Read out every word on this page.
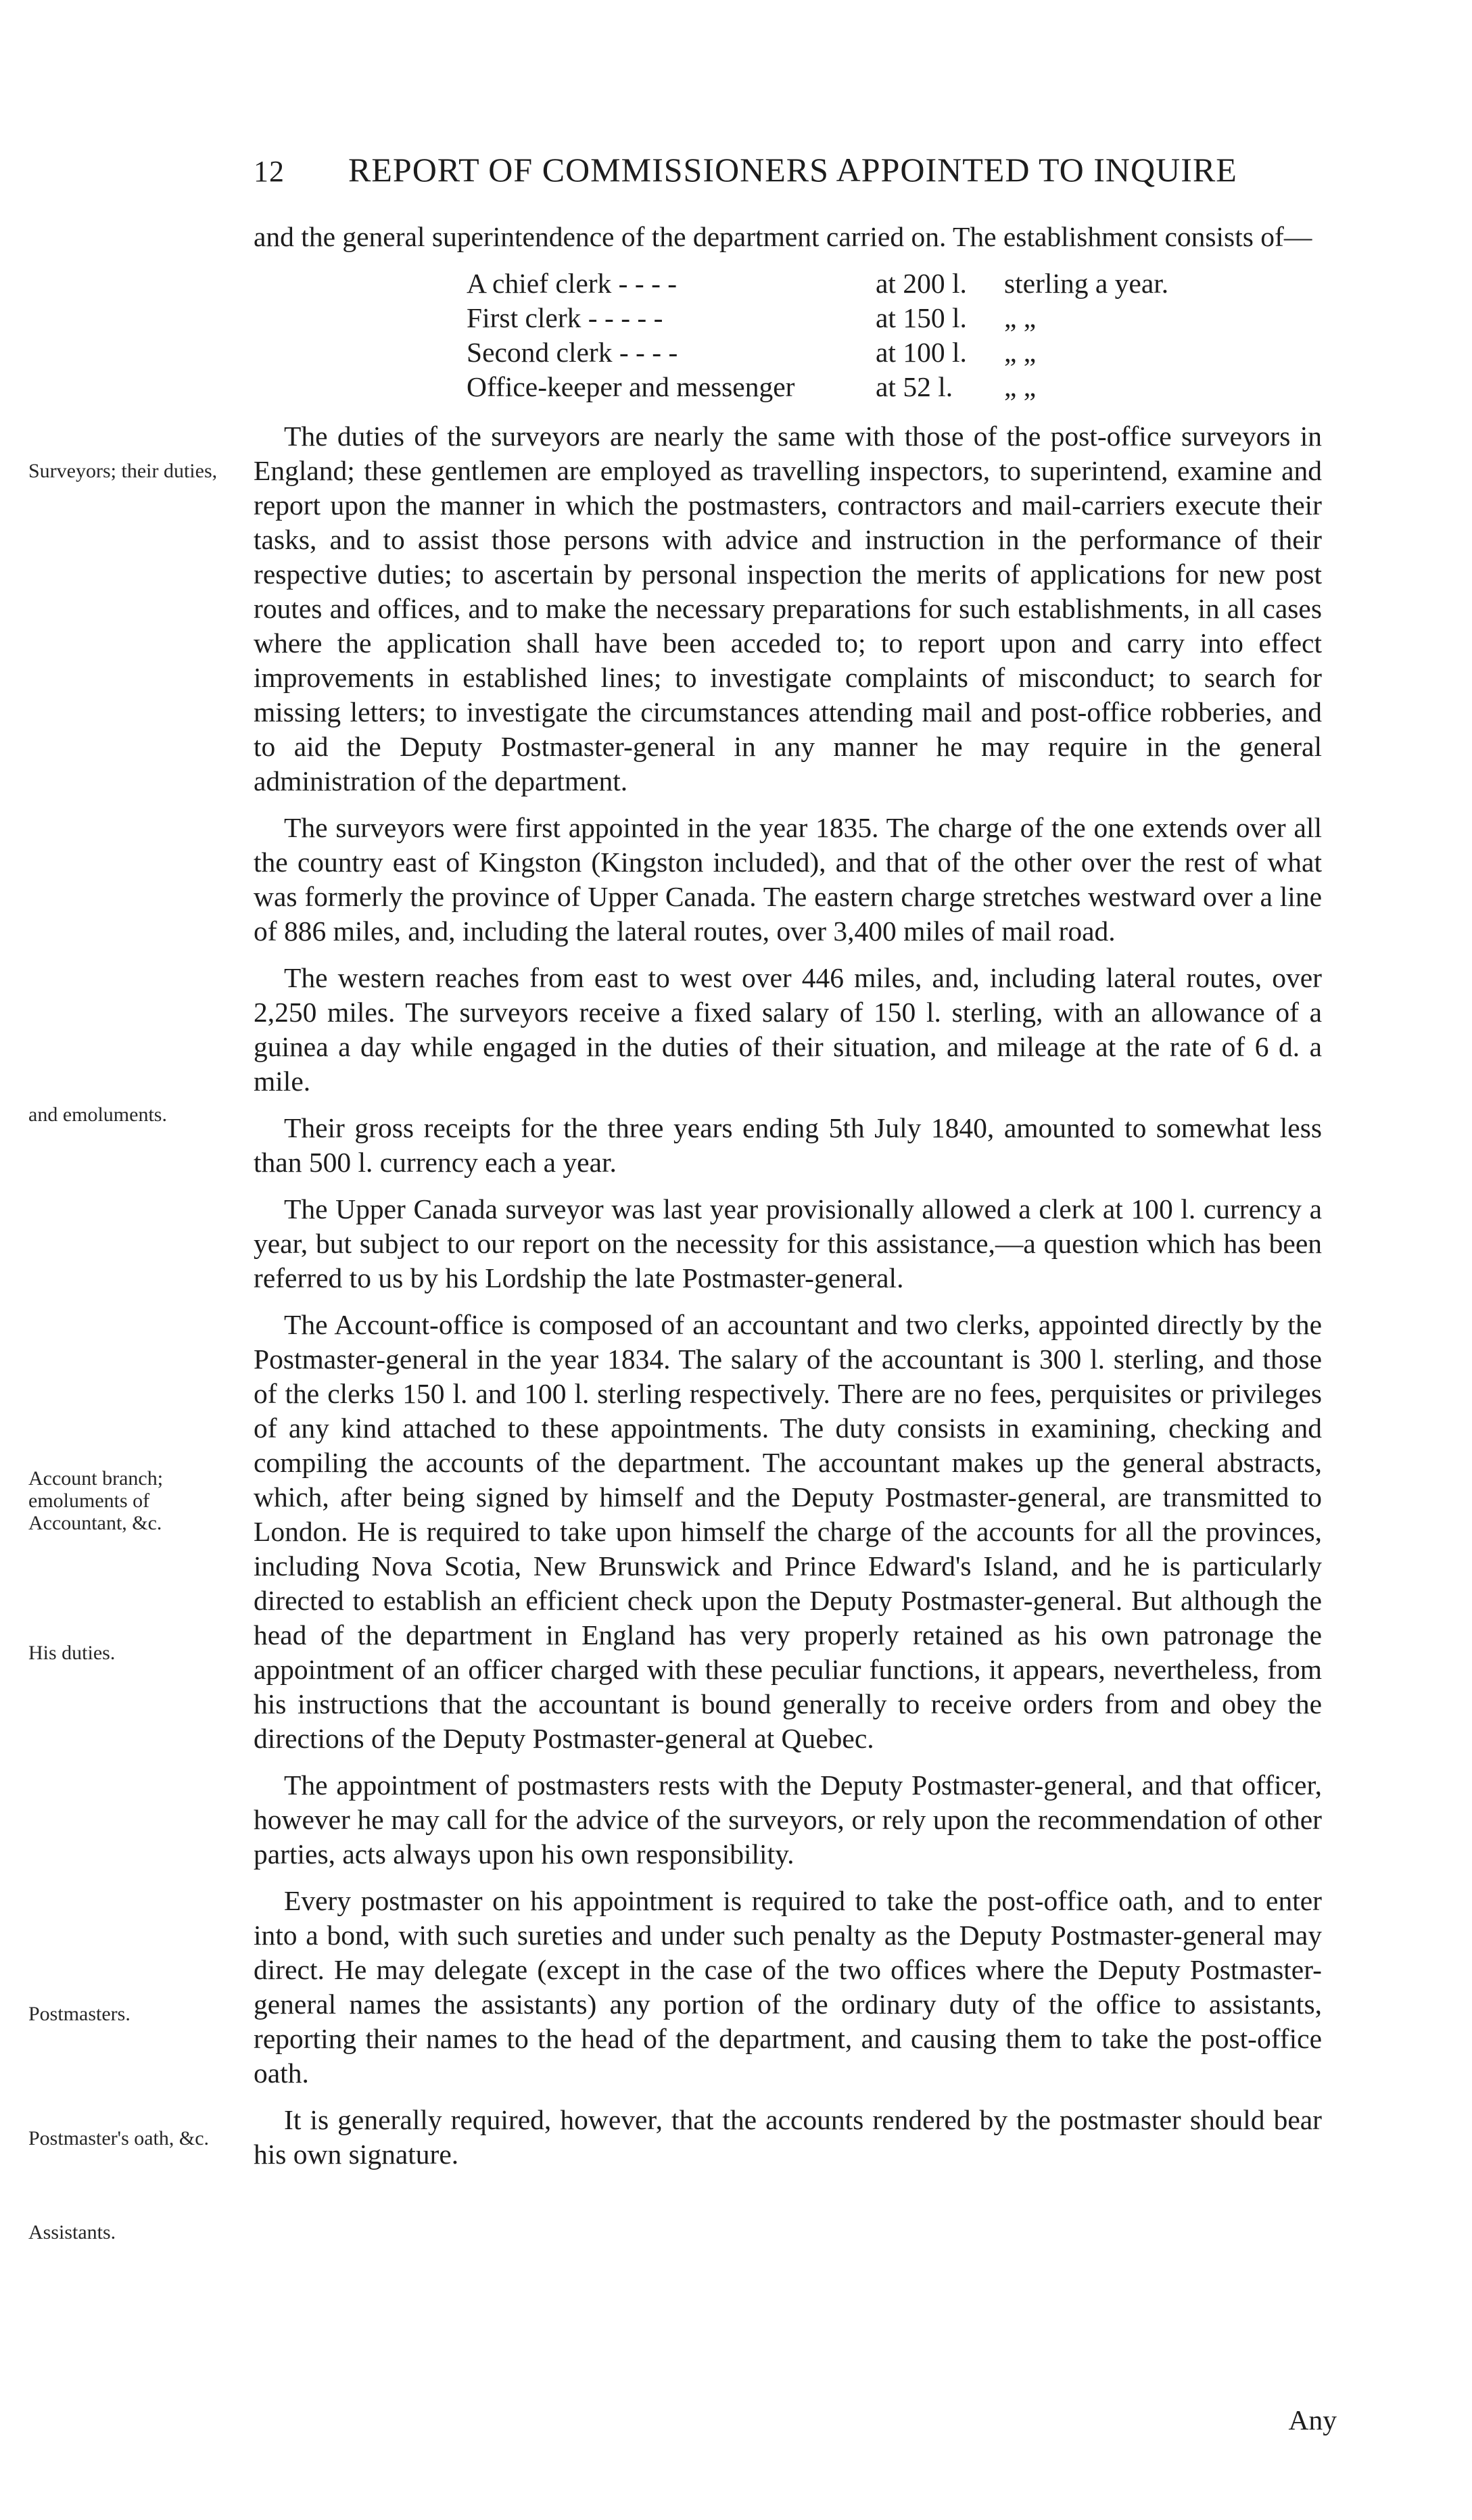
12 REPORT OF COMMISSIONERS APPOINTED TO INQUIRE

and the general superintendence of the department carried on. The establishment consists of—

A chief clerk - - - -	at 200 l.	sterling a year.
First clerk - - - - -	at 150 l.	„ „
Second clerk - - - -	at 100 l.	„ „
Office-keeper and messenger	at 52 l.	„ „

The duties of the surveyors are nearly the same with those of the post-office surveyors in England; these gentlemen are employed as travelling inspectors, to superintend, examine and report upon the manner in which the postmasters, contractors and mail-carriers execute their tasks, and to assist those persons with advice and instruction in the performance of their respective duties; to ascertain by personal inspection the merits of applications for new post routes and offices, and to make the necessary preparations for such establishments, in all cases where the application shall have been acceded to; to report upon and carry into effect improvements in established lines; to investigate complaints of misconduct; to search for missing letters; to investigate the circumstances attending mail and post-office robberies, and to aid the Deputy Postmaster-general in any manner he may require in the general administration of the department.

The surveyors were first appointed in the year 1835. The charge of the one extends over all the country east of Kingston (Kingston included), and that of the other over the rest of what was formerly the province of Upper Canada. The eastern charge stretches westward over a line of 886 miles, and, including the lateral routes, over 3,400 miles of mail road.

The western reaches from east to west over 446 miles, and, including lateral routes, over 2,250 miles. The surveyors receive a fixed salary of 150 l. sterling, with an allowance of a guinea a day while engaged in the duties of their situation, and mileage at the rate of 6 d. a mile.

Their gross receipts for the three years ending 5th July 1840, amounted to somewhat less than 500 l. currency each a year.

The Upper Canada surveyor was last year provisionally allowed a clerk at 100 l. currency a year, but subject to our report on the necessity for this assistance,—a question which has been referred to us by his Lordship the late Postmaster-general.

The Account-office is composed of an accountant and two clerks, appointed directly by the Postmaster-general in the year 1834. The salary of the accountant is 300 l. sterling, and those of the clerks 150 l. and 100 l. sterling respectively. There are no fees, perquisites or privileges of any kind attached to these appointments. The duty consists in examining, checking and compiling the accounts of the department. The accountant makes up the general abstracts, which, after being signed by himself and the Deputy Postmaster-general, are transmitted to London. He is required to take upon himself the charge of the accounts for all the provinces, including Nova Scotia, New Brunswick and Prince Edward's Island, and he is particularly directed to establish an efficient check upon the Deputy Postmaster-general. But although the head of the department in England has very properly retained as his own patronage the appointment of an officer charged with these peculiar functions, it appears, nevertheless, from his instructions that the accountant is bound generally to receive orders from and obey the directions of the Deputy Postmaster-general at Quebec.

The appointment of postmasters rests with the Deputy Postmaster-general, and that officer, however he may call for the advice of the surveyors, or rely upon the recommendation of other parties, acts always upon his own responsibility.

Every postmaster on his appointment is required to take the post-office oath, and to enter into a bond, with such sureties and under such penalty as the Deputy Postmaster-general may direct. He may delegate (except in the case of the two offices where the Deputy Postmaster-general names the assistants) any portion of the ordinary duty of the office to assistants, reporting their names to the head of the department, and causing them to take the post-office oath.

It is generally required, however, that the accounts rendered by the postmaster should bear his own signature.

Surveyors; their duties,
and emoluments.
Account branch; emoluments of Accountant, &c.
His duties.
Postmasters.
Postmaster's oath, &c.
Assistants.
Any
